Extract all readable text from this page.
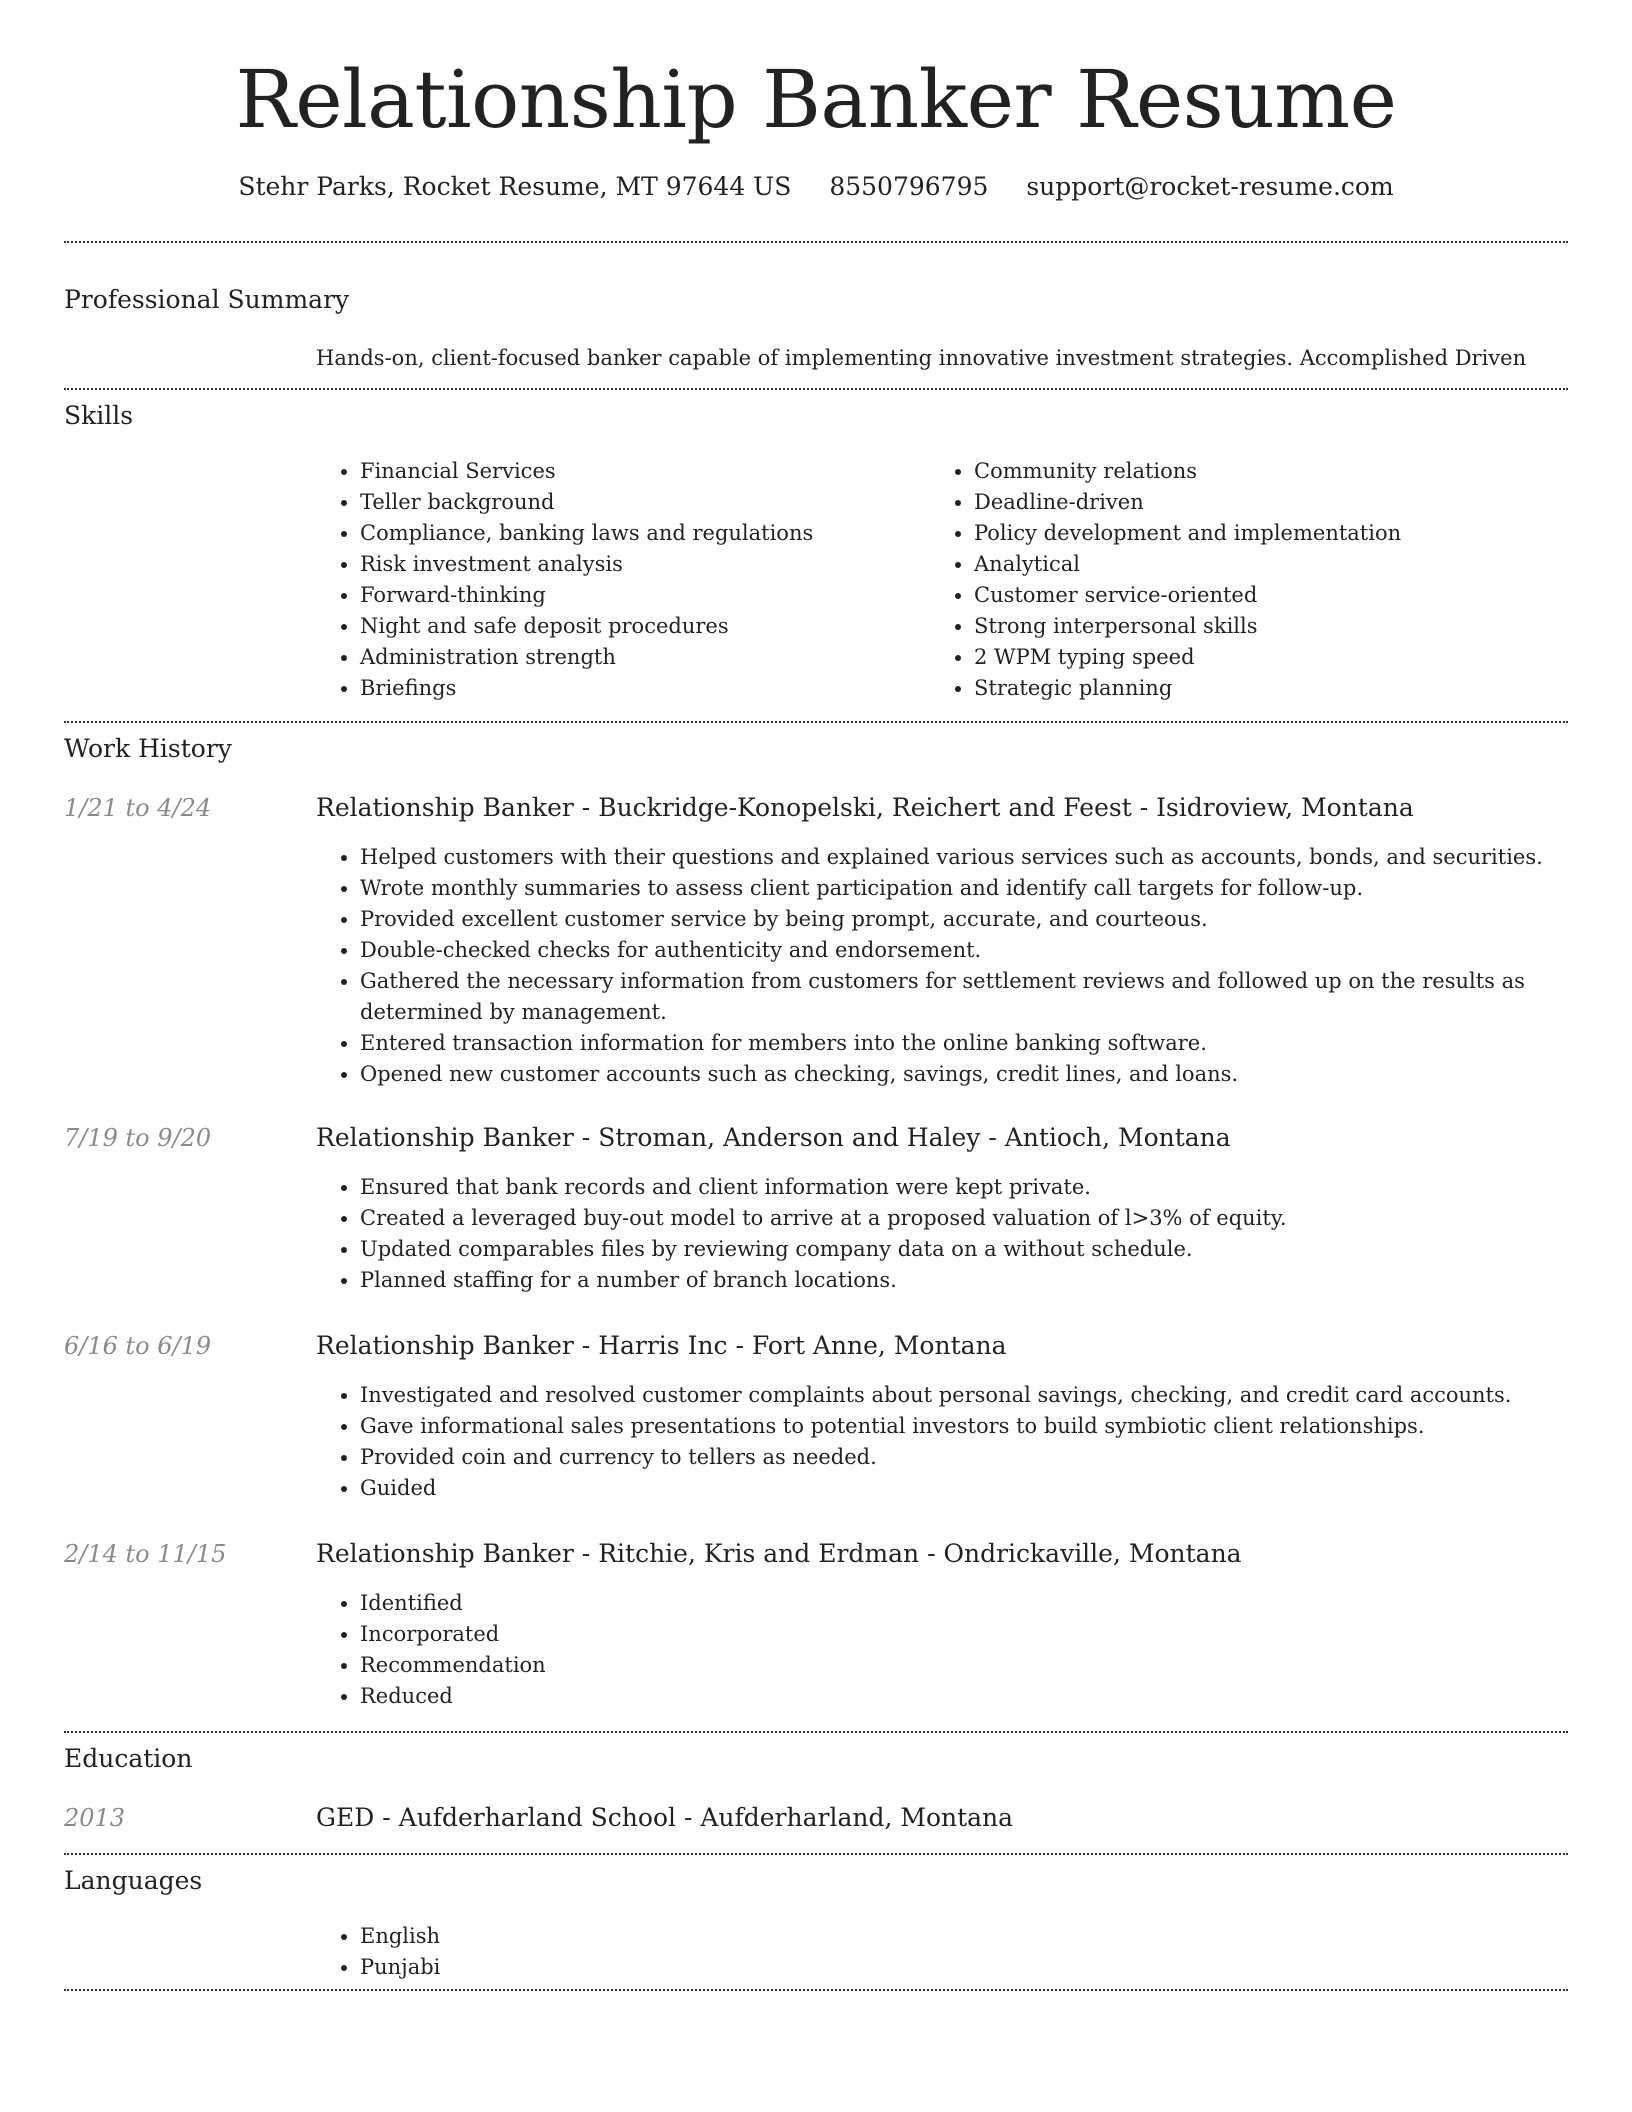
Relationship Banker Resume
Stehr Parks, Rocket Resume, MT 97644 US 8550796795 support@rocket-resume.com
Professional Summary
Hands-on, client-focused banker capable of implementing innovative investment strategies. Accomplished Driven
Skills
• Financial Services
• Teller background
• Compliance, banking laws and regulations
• Risk investment analysis
• Forward-thinking
• Night and safe deposit procedures
• Administration strength
• Briefings
• Community relations
• Deadline-driven
• Policy development and implementation
• Analytical
• Customer service-oriented
• Strong interpersonal skills
• 2 WPM typing speed
• Strategic planning
Work History
1/21 to 4/24	Relationship Banker - Buckridge-Konopelski, Reichert and Feest - Isidroview, Montana
• Helped customers with their questions and explained various services such as accounts, bonds, and securities.
• Wrote monthly summaries to assess client participation and identify call targets for follow-up.
• Provided excellent customer service by being prompt, accurate, and courteous.
• Double-checked checks for authenticity and endorsement.
• Gathered the necessary information from customers for settlement reviews and followed up on the results as determined by management.
• Entered transaction information for members into the online banking software.
• Opened new customer accounts such as checking, savings, credit lines, and loans.
7/19 to 9/20	Relationship Banker - Stroman, Anderson and Haley - Antioch, Montana
• Ensured that bank records and client information were kept private.
• Created a leveraged buy-out model to arrive at a proposed valuation of l>3% of equity.
• Updated comparables files by reviewing company data on a without schedule.
• Planned staffing for a number of branch locations.
6/16 to 6/19	Relationship Banker - Harris Inc - Fort Anne, Montana
• Investigated and resolved customer complaints about personal savings, checking, and credit card accounts.
• Gave informational sales presentations to potential investors to build symbiotic client relationships.
• Provided coin and currency to tellers as needed.
• Guided
2/14 to 11/15	Relationship Banker - Ritchie, Kris and Erdman - Ondrickaville, Montana
• Identified
• Incorporated
• Recommendation
• Reduced
Education
2013	GED - Aufderharland School - Aufderharland, Montana
Languages
• English
• Punjabi
